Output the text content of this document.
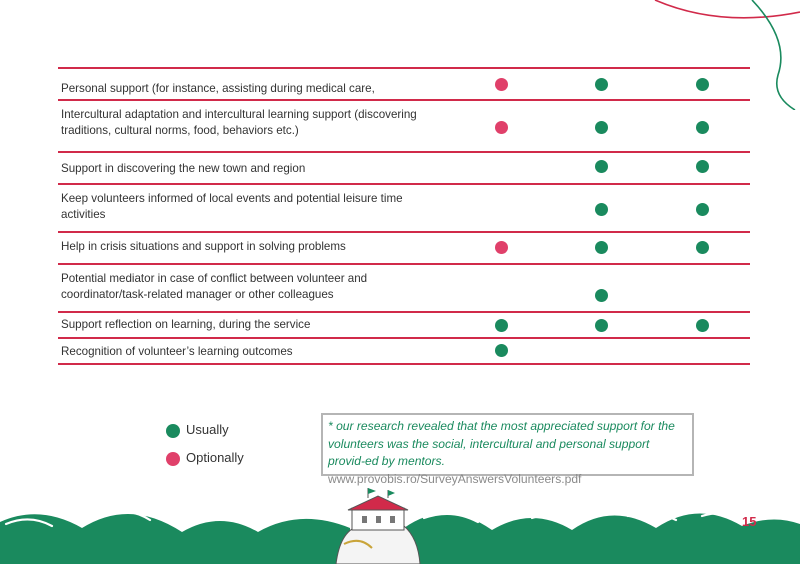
Personal support (for instance, assisting during medical care,
Intercultural adaptation and intercultural learning support (discovering traditions, cultural norms, food, behaviors etc.)
Support in discovering the new town and region
Keep volunteers informed of local events and potential leisure time activities
Help in crisis situations and support in solving problems
Potential mediator in case of conflict between volunteer and coordinator/task-related manager or other colleagues
Support reflection on learning, during the service
Recognition of volunteer’s learning outcomes
Usually
Optionally

* our research revealed that the most appreciated support for the volunteers was the social, intercultural and personal support provid-ed by mentors. www.provobis.ro/SurveyAnswersVolunteers.pdf

15
